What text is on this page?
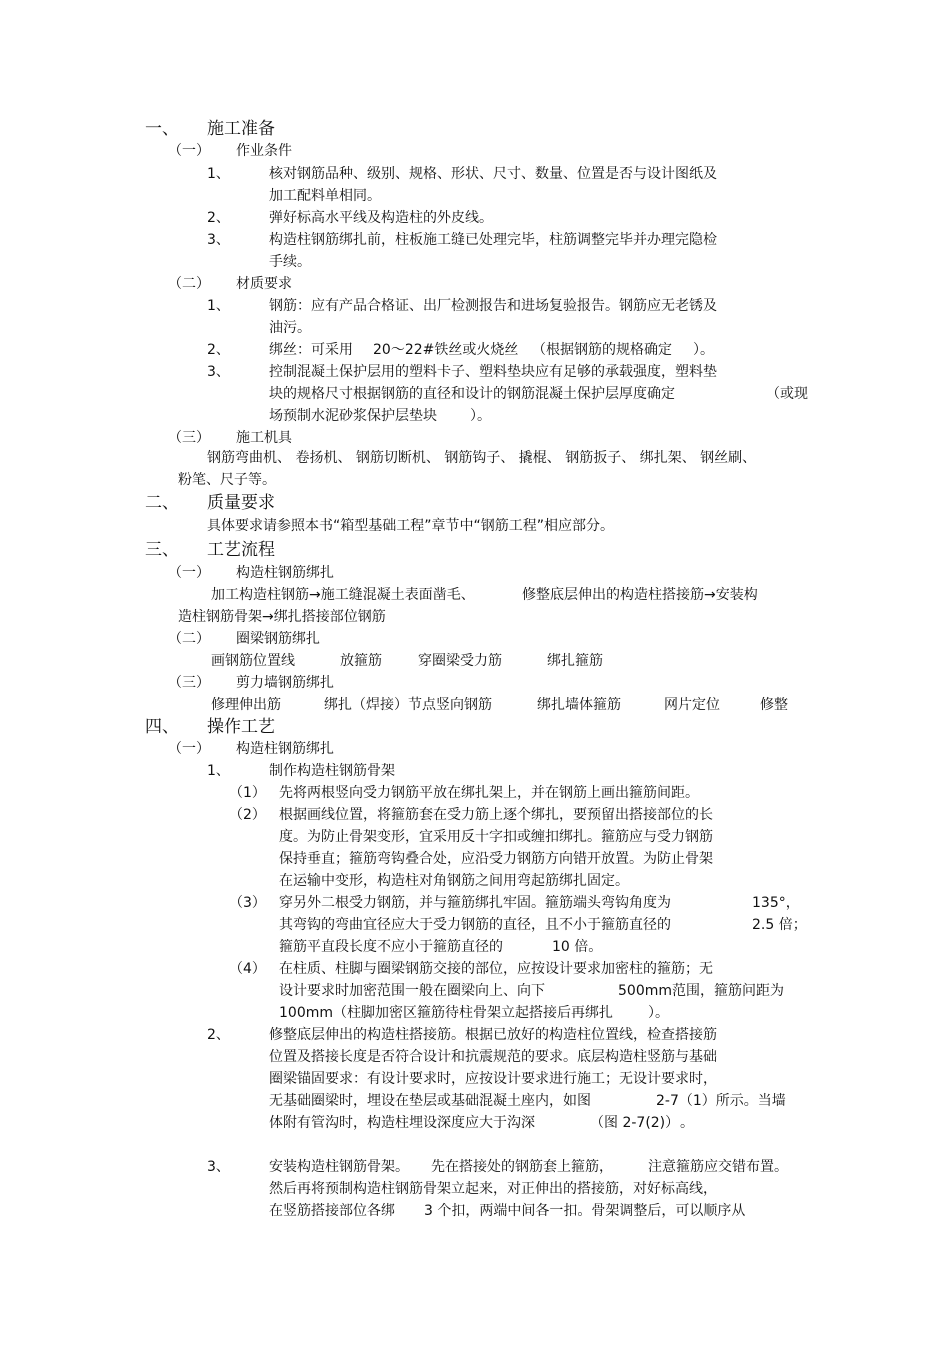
一、 施工准备
（一） 作业条件
1、	核对钢筋品种、级别、规格、形状、尺寸、数量、位置是否与设计图纸及
加工配料单相同。
2、	弹好标高水平线及构造柱的外皮线。
3、	构造柱钢筋绑扎前，柱板施工缝已处理完毕，柱筋调整完毕并办理完隐检
手续。
（二） 材质要求
1、	钢筋：应有产品合格证、出厂检测报告和进场复验报告。钢筋应无老锈及
油污。
2、	绑丝：可采用 20～22#铁丝或火烧丝 （根据钢筋的规格确定 ）。
3、	控制混凝土保护层用的塑料卡子、塑料垫块应有足够的承载强度，塑料垫
块的规格尺寸根据钢筋的直径和设计的钢筋混凝土保护层厚度确定	（或现
场预制水泥砂浆保护层垫块 ）。
（三） 施工机具
钢筋弯曲机、 卷扬机、 钢筋切断机、 钢筋钩子、 撬棍、 钢筋扳子、 绑扎架、 钢丝刷、
粉笔、尺子等。
二、 质量要求
具体要求请参照本书“箱型基础工程”章节中“钢筋工程”相应部分。
三、 工艺流程
（一） 构造柱钢筋绑扎
加工构造柱钢筋→施工缝混凝土表面凿毛、	修整底层伸出的构造柱搭接筋→安装构
造柱钢筋骨架→绑扎搭接部位钢筋
（二） 圈梁钢筋绑扎
画钢筋位置线	放箍筋	穿圈梁受力筋	绑扎箍筋
（三） 剪力墙钢筋绑扎
修理伸出筋	绑扎（焊接）节点竖向钢筋	绑扎墙体箍筋	网片定位	修整
四、 操作工艺
（一） 构造柱钢筋绑扎
1、	制作构造柱钢筋骨架
（1） 先将两根竖向受力钢筋平放在绑扎架上，并在钢筋上画出箍筋间距。
（2） 根据画线位置，将箍筋套在受力筋上逐个绑扎，要预留出搭接部位的长
度。为防止骨架变形，宜采用反十字扣或缠扣绑扎。箍筋应与受力钢筋
保持垂直；箍筋弯钩叠合处，应沿受力钢筋方向错开放置。为防止骨架
在运输中变形，构造柱对角钢筋之间用弯起筋绑扎固定。
（3） 穿另外二根受力钢筋，并与箍筋绑扎牢固。箍筋端头弯钩角度为	135°，
其弯钩的弯曲宜径应大于受力钢筋的直径，且不小于箍筋直径的	2.5 倍；
箍筋平直段长度不应小于箍筋直径的	10 倍。
（4） 在柱质、柱脚与圈梁钢筋交接的部位，应按设计要求加密柱的箍筋；无
设计要求时加密范围一般在圈梁向上、向下	500mm范围，箍筋问距为
100mm（柱脚加密区箍筋待柱骨架立起搭接后再绑扎	）。
2、	修整底层伸出的构造柱搭接筋。根据已放好的构造柱位置线，检查搭接筋
位置及搭接长度是否符合设计和抗震规范的要求。底层构造柱竖筋与基础
圈梁锚固要求：有设计要求时，应按设计要求进行施工；无设计要求时，
无基础圈梁时，埋设在垫层或基础混凝土座内，如图	2-7（1）所示。当墙
体附有管沟时，构造柱埋设深度应大于沟深	（图 2-7(2)） 。
3、	安装构造柱钢筋骨架。 先在搭接处的钢筋套上箍筋，	注意箍筋应交错布置。
然后再将预制构造柱钢筋骨架立起来，对正伸出的搭接筋，对好标高线，
在竖筋搭接部位各绑 3 个扣，两端中间各一扣。骨架调整后，可以顺序从
